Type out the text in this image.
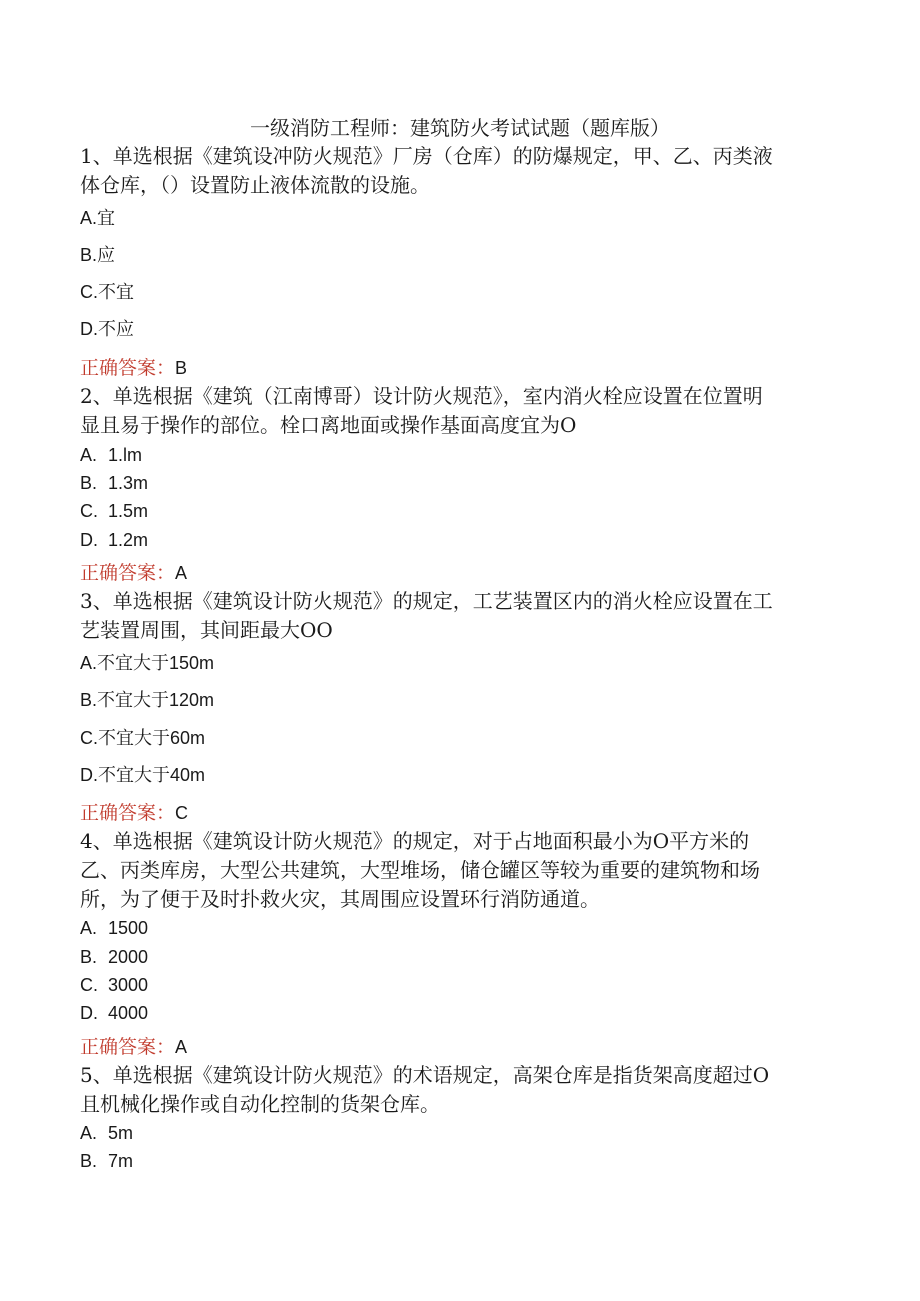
一级消防工程师：建筑防火考试试题（题库版）
1、单选根据《建筑设冲防火规范》厂房（仓库）的防爆规定，甲、乙、丙类液
体仓库，（）设置防止液体流散的设施。
A.宜
B.应
C.不宜
D.不应
正确答案：B
2、单选根据《建筑（江南博哥）设计防火规范》，室内消火栓应设置在位置明
显且易于操作的部位。栓口离地面或操作基面高度宜为O
A. 1.lm
B. 1.3m
C. 1.5m
D. 1.2m
正确答案：A
3、单选根据《建筑设计防火规范》的规定，工艺装置区内的消火栓应设置在工
艺装置周围，其间距最大OO
A.不宜大于150m
B.不宜大于120m
C.不宜大于60m
D.不宜大于40m
正确答案：C
4、单选根据《建筑设计防火规范》的规定，对于占地面积最小为O平方米的
乙、丙类库房，大型公共建筑，大型堆场，储仓罐区等较为重要的建筑物和场
所，为了便于及时扑救火灾，其周围应设置环行消防通道。
A. 1500
B. 2000
C. 3000
D. 4000
正确答案：A
5、单选根据《建筑设计防火规范》的术语规定，高架仓库是指货架高度超过O
且机械化操作或自动化控制的货架仓库。
A. 5m
B. 7m
